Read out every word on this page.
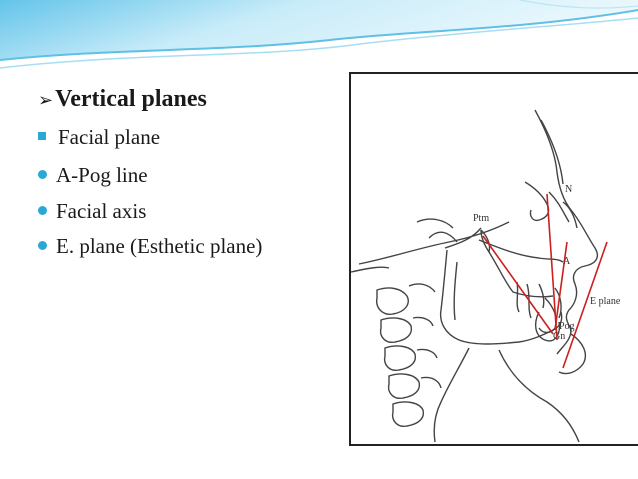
➢Vertical planes
Facial plane
A-Pog line
Facial axis
E. plane (Esthetic plane)
N
Ptm
A
E plane
Pog
Gn
